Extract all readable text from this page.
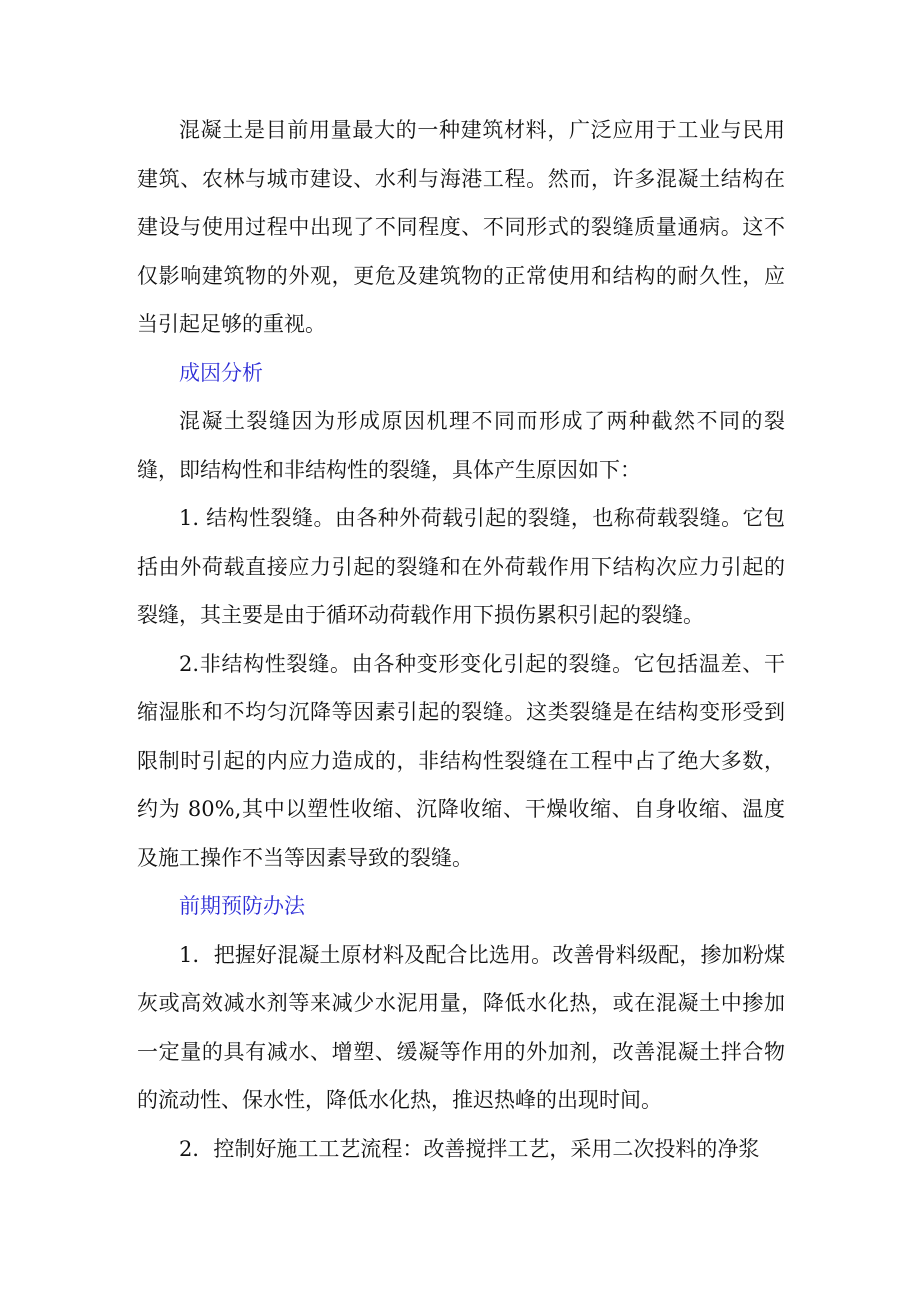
混凝土是目前用量最大的一种建筑材料，广泛应用于工业与民用建筑、农林与城市建设、水利与海港工程。然而，许多混凝土结构在建设与使用过程中出现了不同程度、不同形式的裂缝质量通病。这不仅影响建筑物的外观，更危及建筑物的正常使用和结构的耐久性，应当引起足够的重视。

成因分析

混凝土裂缝因为形成原因机理不同而形成了两种截然不同的裂缝，即结构性和非结构性的裂缝，具体产生原因如下：

1. 结构性裂缝。由各种外荷载引起的裂缝，也称荷载裂缝。它包括由外荷载直接应力引起的裂缝和在外荷载作用下结构次应力引起的裂缝，其主要是由于循环动荷载作用下损伤累积引起的裂缝。

2.非结构性裂缝。由各种变形变化引起的裂缝。它包括温差、干缩湿胀和不均匀沉降等因素引起的裂缝。这类裂缝是在结构变形受到限制时引起的内应力造成的，非结构性裂缝在工程中占了绝大多数，约为 80%,其中以塑性收缩、沉降收缩、干燥收缩、自身收缩、温度及施工操作不当等因素导致的裂缝。

前期预防办法

1．把握好混凝土原材料及配合比选用。改善骨料级配，掺加粉煤灰或高效减水剂等来减少水泥用量，降低水化热，或在混凝土中掺加一定量的具有减水、增塑、缓凝等作用的外加剂，改善混凝土拌合物的流动性、保水性，降低水化热，推迟热峰的出现时间。

2．控制好施工工艺流程：改善搅拌工艺，采用二次投料的净浆
